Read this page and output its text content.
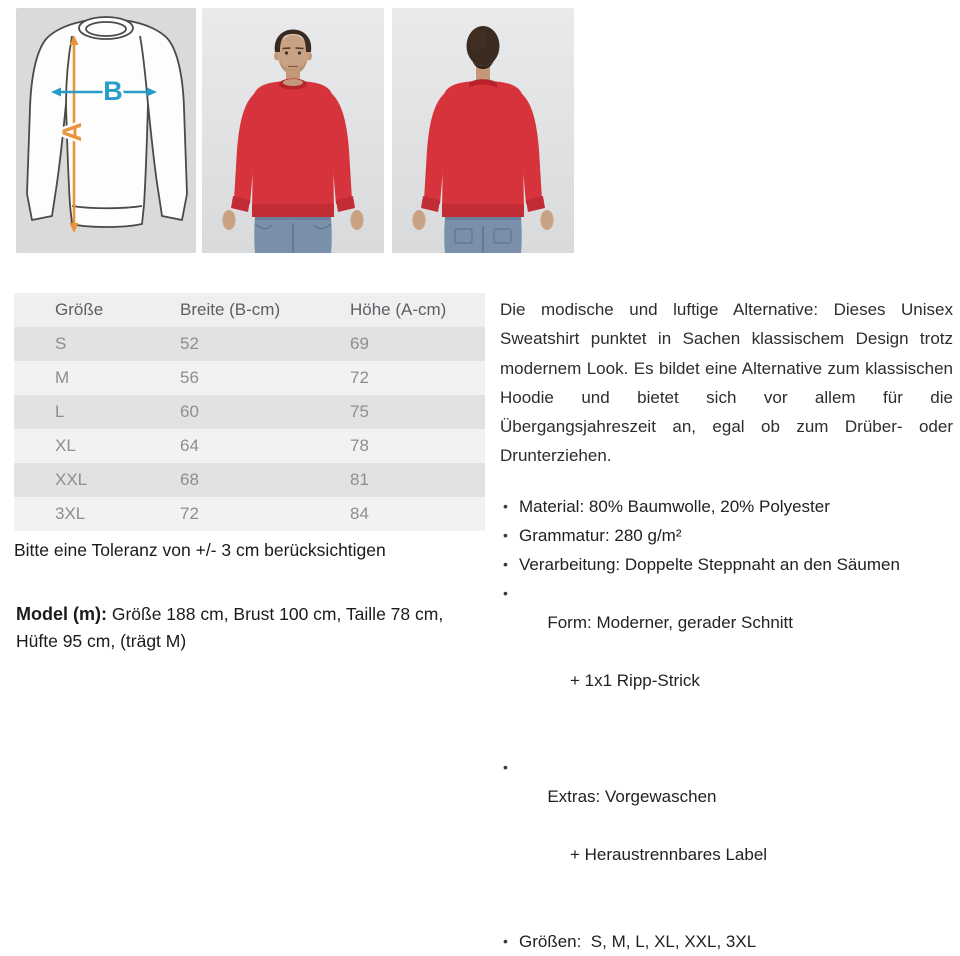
A
B
Größe	Breite (B-cm)	Höhe (A-cm)
S	52	69
M	56	72
L	60	75
XL	64	78
XXL	68	81
3XL	72	84
Bitte eine Toleranz von +/- 3 cm berücksichtigen
Model (m): Größe 188 cm, Brust 100 cm, Taille 78 cm, Hüfte 95 cm, (trägt M)
Die modische und luftige Alternative: Dieses Unisex Sweatshirt punktet in Sachen klassischem Design trotz modernem Look. Es bildet eine Alternative zum klassischen Hoodie und bietet sich vor allem für die Übergangsjahreszeit an, egal ob zum Drüber- oder Drunterziehen.
• Material: 80% Baumwolle, 20% Polyester
• Grammatur: 280 g/m²
• Verarbeitung: Doppelte Steppnaht an den Säumen

• Form: Moderner, gerader Schnitt

+ 1x1 Ripp-Strick

• Extras: Vorgewaschen

+ Heraustrennbares Label

• Größen:  S, M, L, XL, XXL, 3XL
